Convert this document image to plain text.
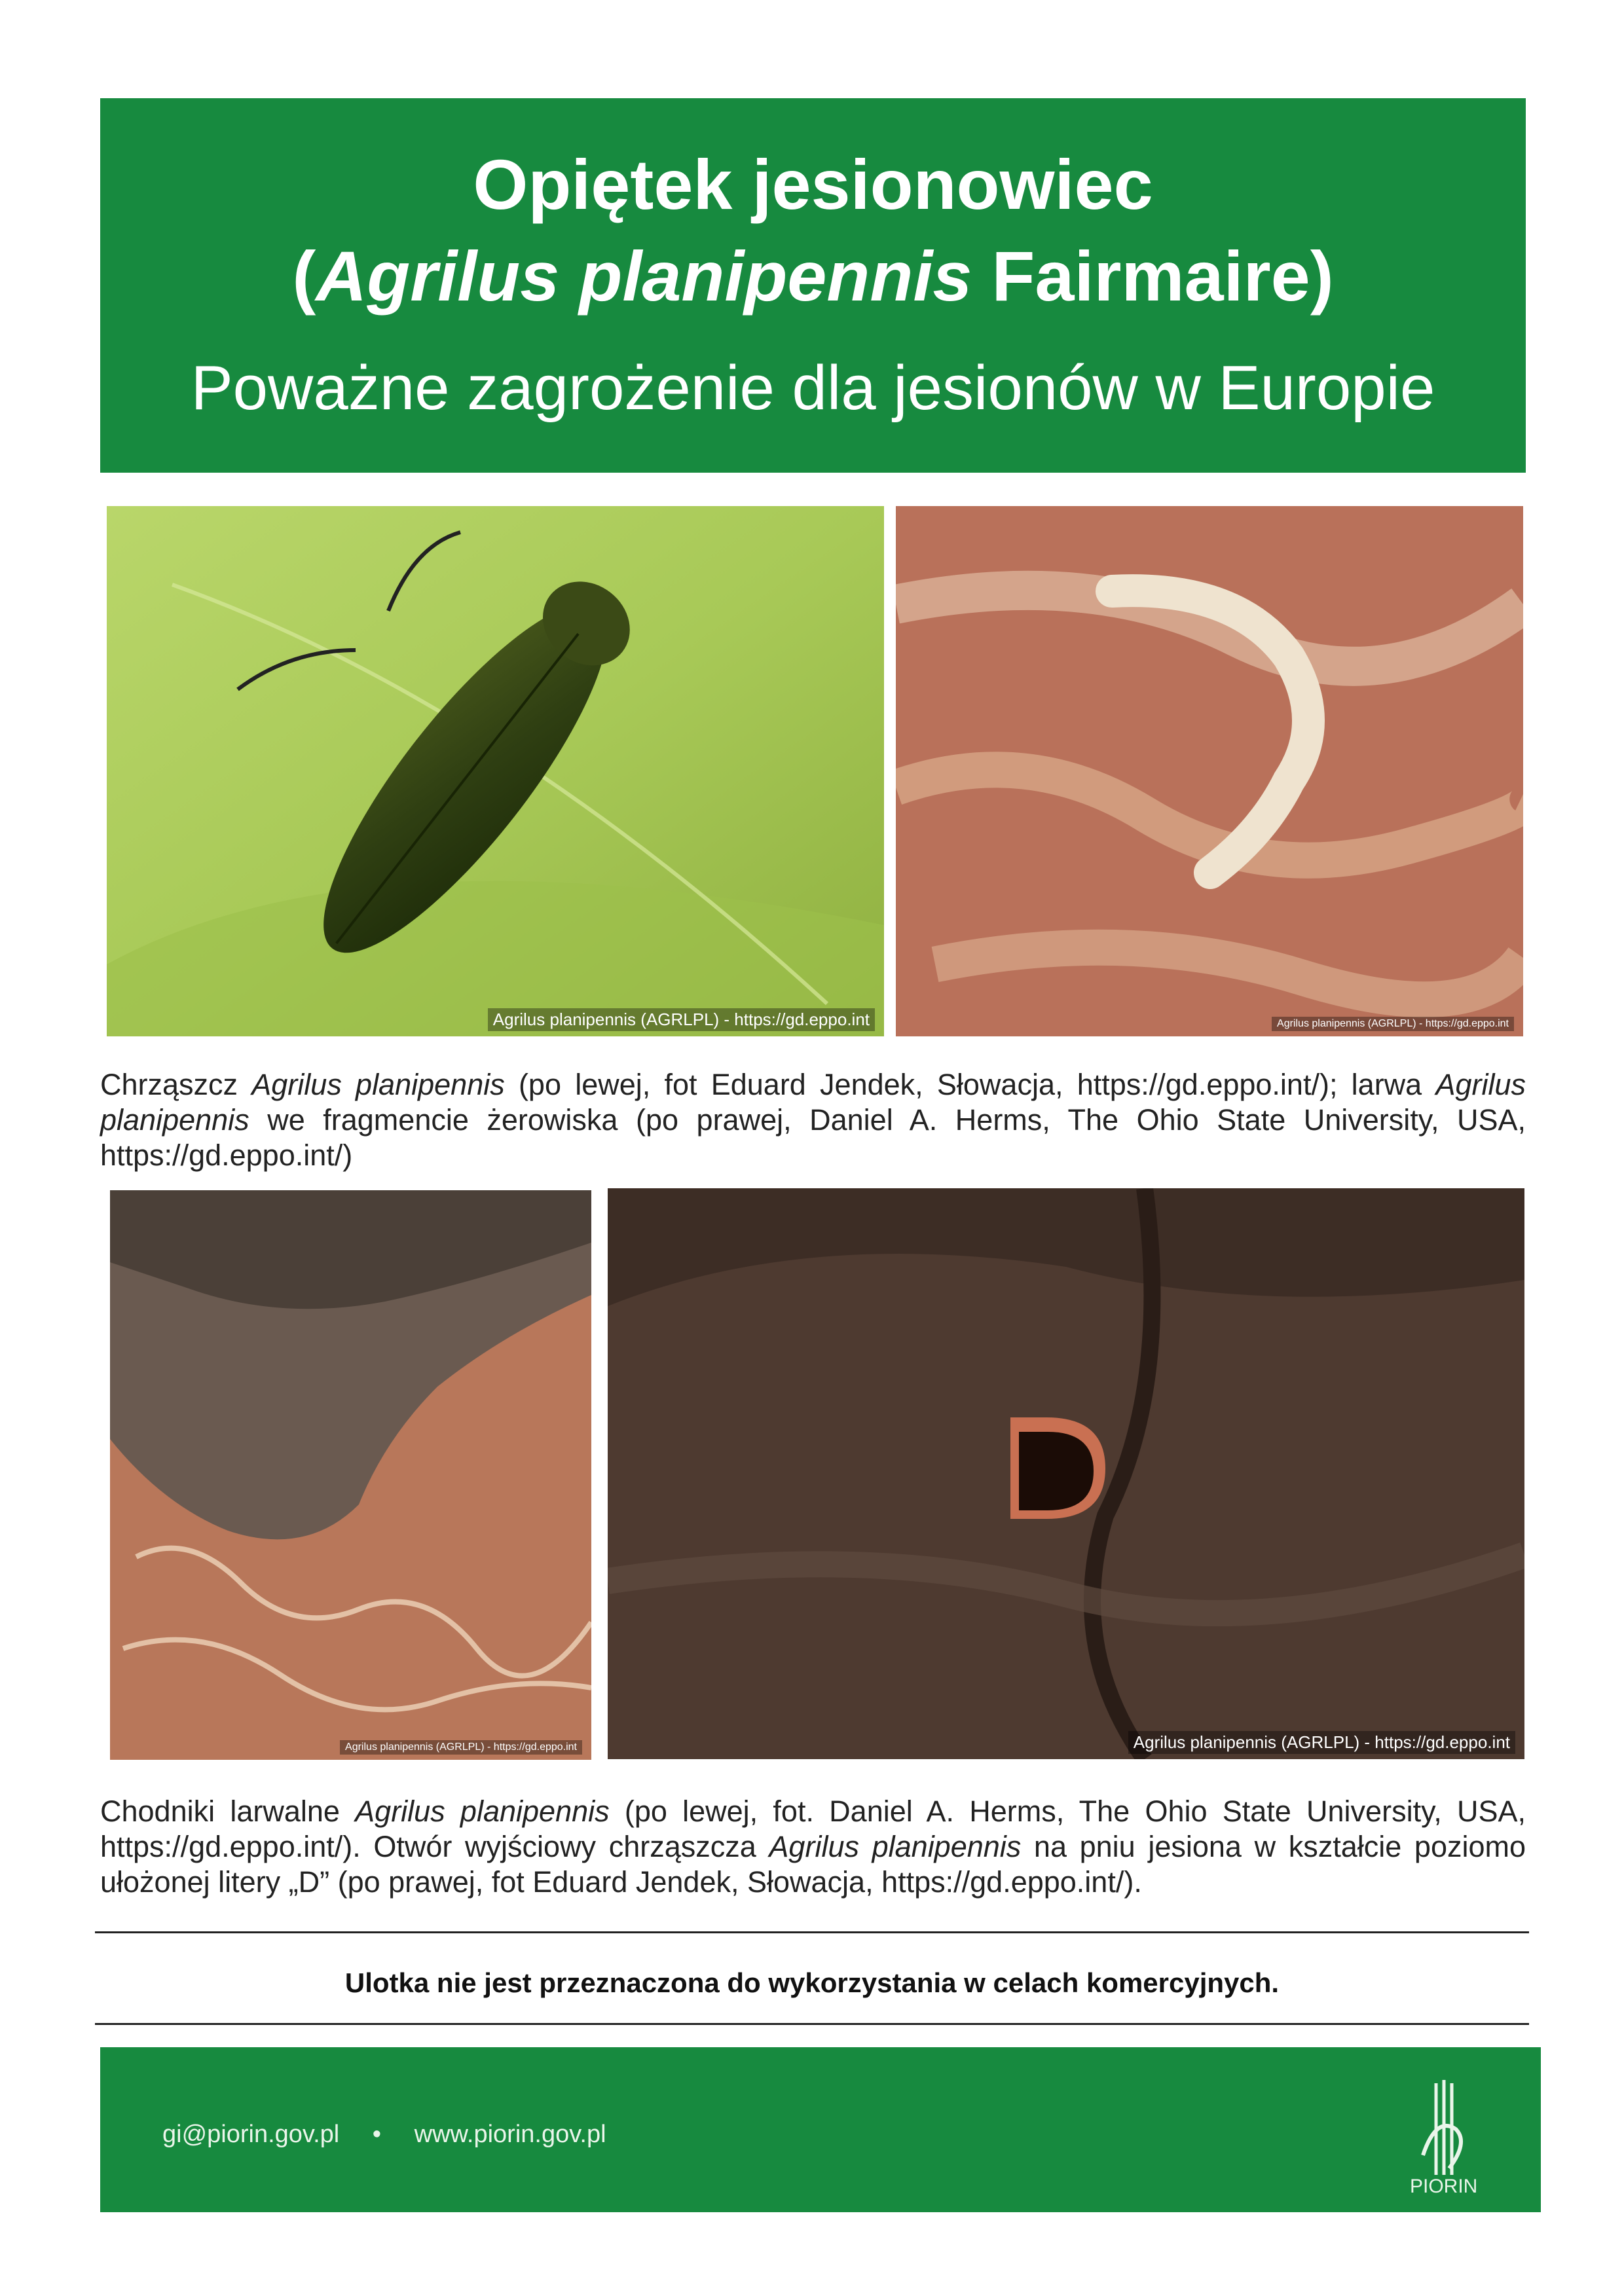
Opiętek jesionowiec
(Agrilus planipennis Fairmaire)
Poważne zagrożenie dla jesionów w Europie
Agrilus planipennis (AGRLPL) - https://gd.eppo.int	Agrilus planipennis (AGRLPL) - https://gd.eppo.int
Chrząszcz Agrilus planipennis (po lewej, fot Eduard Jendek, Słowacja, https://gd.eppo.int/); larwa Agrilus planipennis we fragmencie żerowiska (po prawej, Daniel A. Herms, The Ohio State University, USA, https://gd.eppo.int/)
Agrilus planipennis (AGRLPL) - https://gd.eppo.int	Agrilus planipennis (AGRLPL) - https://gd.eppo.int
Chodniki larwalne Agrilus planipennis (po lewej, fot. Daniel A. Herms, The Ohio State University, USA, https://gd.eppo.int/). Otwór wyjściowy chrząszcza Agrilus planipennis na pniu jesiona w kształcie poziomo ułożonej litery „D” (po prawej, fot Eduard Jendek, Słowacja, https://gd.eppo.int/).
Ulotka nie jest przeznaczona do wykorzystania w celach komercyjnych.
gi@piorin.gov.pl • www.piorin.gov.pl
PIORIN
